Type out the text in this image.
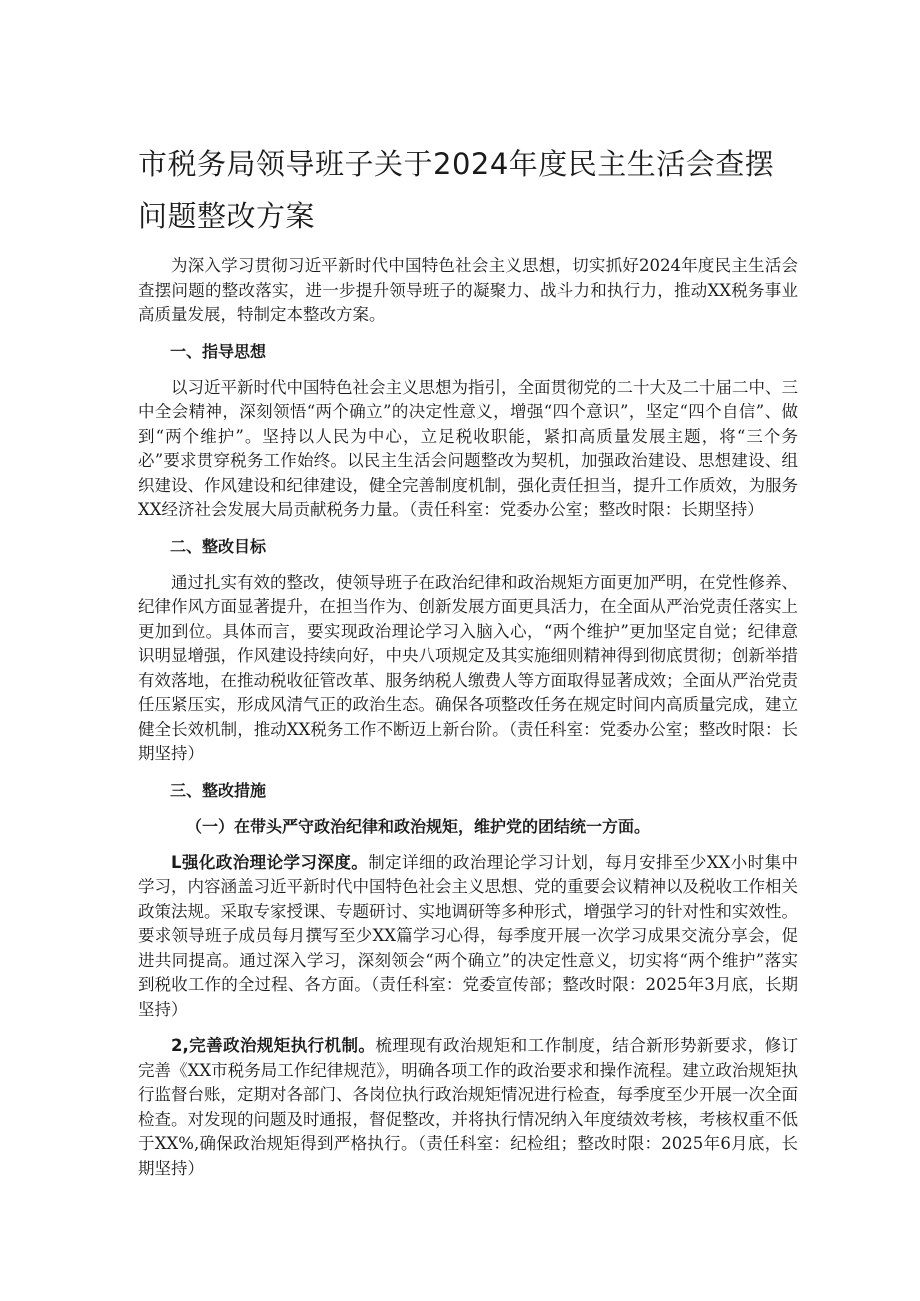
市税务局领导班子关于2024年度民主生活会查摆问题整改方案

为深入学习贯彻习近平新时代中国特色社会主义思想，切实抓好2024年度民主生活会查摆问题的整改落实，进一步提升领导班子的凝聚力、战斗力和执行力，推动XX税务事业高质量发展，特制定本整改方案。

一、指导思想

以习近平新时代中国特色社会主义思想为指引，全面贯彻党的二十大及二十届二中、三中全会精神，深刻领悟“两个确立”的决定性意义，增强“四个意识”，坚定“四个自信”、做到“两个维护”。坚持以人民为中心，立足税收职能，紧扣高质量发展主题，将“三个务必”要求贯穿税务工作始终。以民主生活会问题整改为契机，加强政治建设、思想建设、组织建设、作风建设和纪律建设，健全完善制度机制，强化责任担当，提升工作质效，为服务XX经济社会发展大局贡献税务力量。（责任科室：党委办公室；整改时限：长期坚持）

二、整改目标

通过扎实有效的整改，使领导班子在政治纪律和政治规矩方面更加严明，在党性修养、纪律作风方面显著提升，在担当作为、创新发展方面更具活力，在全面从严治党责任落实上更加到位。具体而言，要实现政治理论学习入脑入心，“两个维护”更加坚定自觉；纪律意识明显增强，作风建设持续向好，中央八项规定及其实施细则精神得到彻底贯彻；创新举措有效落地，在推动税收征管改革、服务纳税人缴费人等方面取得显著成效；全面从严治党责任压紧压实，形成风清气正的政治生态。确保各项整改任务在规定时间内高质量完成，建立健全长效机制，推动XX税务工作不断迈上新台阶。（责任科室：党委办公室；整改时限：长期坚持）

三、整改措施
（一）在带头严守政治纪律和政治规矩，维护党的团结统一方面。

L强化政治理论学习深度。制定详细的政治理论学习计划，每月安排至少XX小时集中学习，内容涵盖习近平新时代中国特色社会主义思想、党的重要会议精神以及税收工作相关政策法规。采取专家授课、专题研讨、实地调研等多种形式，增强学习的针对性和实效性。要求领导班子成员每月撰写至少XX篇学习心得，每季度开展一次学习成果交流分享会，促进共同提高。通过深入学习，深刻领会“两个确立”的决定性意义，切实将“两个维护”落实到税收工作的全过程、各方面。（责任科室：党委宣传部；整改时限：2025年3月底，长期坚持）

2,完善政治规矩执行机制。梳理现有政治规矩和工作制度，结合新形势新要求，修订完善《XX市税务局工作纪律规范》，明确各项工作的政治要求和操作流程。建立政治规矩执行监督台账，定期对各部门、各岗位执行政治规矩情况进行检查，每季度至少开展一次全面检查。对发现的问题及时通报，督促整改，并将执行情况纳入年度绩效考核，考核权重不低于XX%,确保政治规矩得到严格执行。（责任科室：纪检组；整改时限：2025年6月底，长期坚持）
